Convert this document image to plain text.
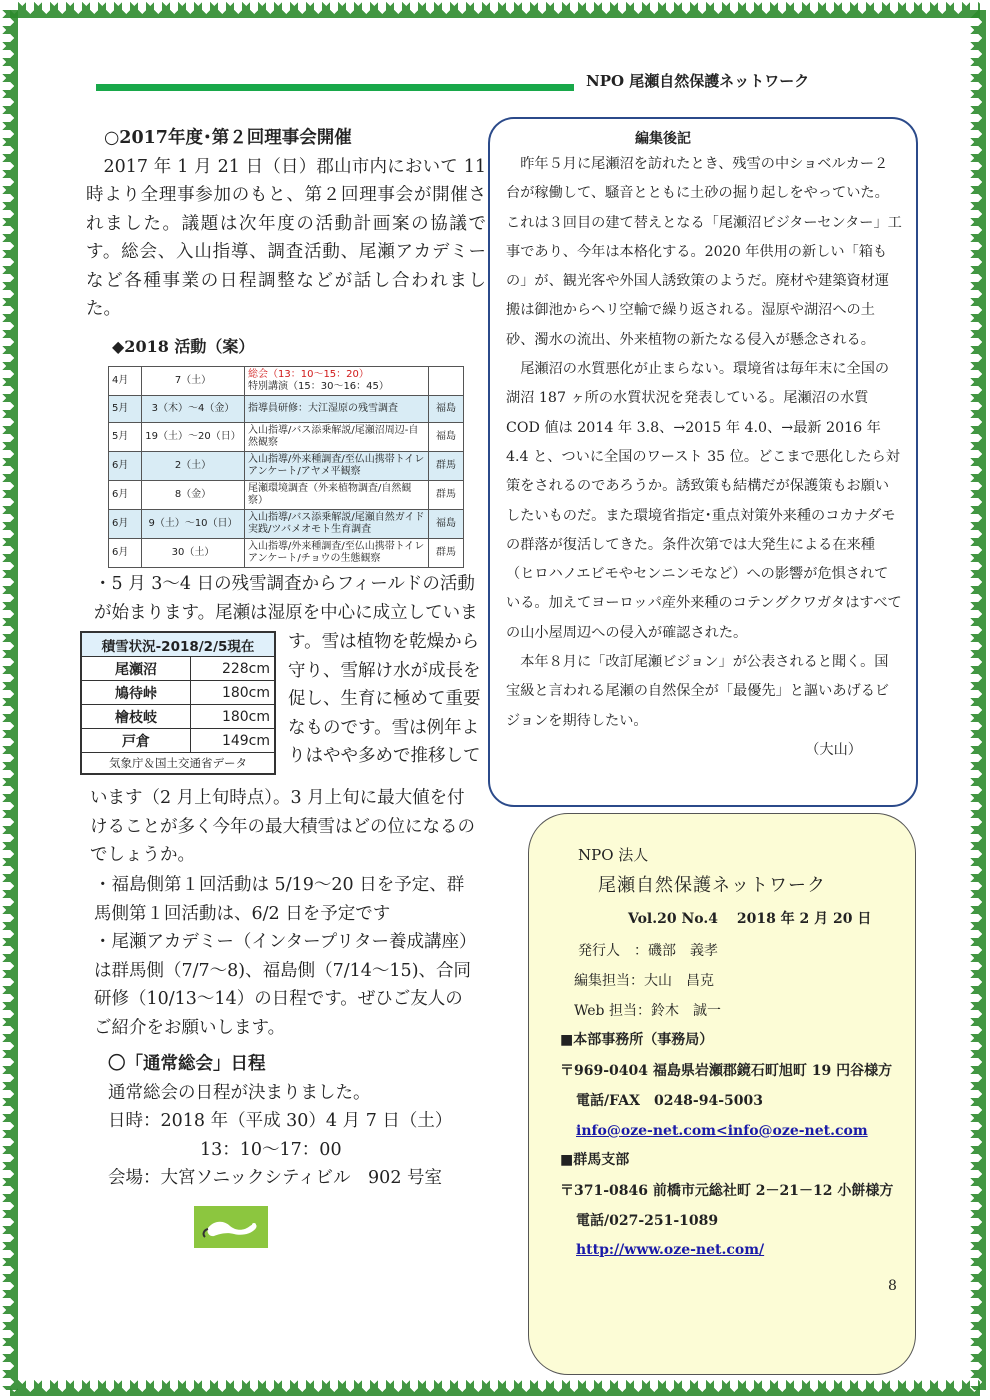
NPO 尾瀬自然保護ネットワーク
○2017年度･第２回理事会開催

2017 年 1 月 21 日（日）郡山市内において 11 時より全理事参加のもと、第２回理事会が開催されました。議題は次年度の活動計画案の協議です。総会、入山指導、調査活動、尾瀬アカデミーなど各種事業の日程調整などが話し合われました。

◆2018 活動（案）
4月	7（土）	総会（13：10～15：20）
特別講演（15：30～16：45）	
5月	3（木）～4（金）	指導員研修：大江湿原の残雪調査	福島
5月	19（土）～20（日）	入山指導/バス添乗解説/尾瀬沼周辺-自然観察	福島
6月	2（土）	入山指導/外来種調査/至仏山携帯トイレアンケート/アヤメ平観察	群馬
6月	8（金）	尾瀬環境調査（外来植物調査/自然観察）	群馬
6月	9（土）～10（日）	入山指導/バス添乗解説/尾瀬自然ガイド実践/ツバメオモト生育調査	福島
6月	30（土）	入山指導/外来種調査/至仏山携帯トイレアンケート/チョウの生態観察	群馬
・5 月 3～4 日の残雪調査からフィールドの活動
が始まります。尾瀬は湿原を中心に成立していま
す。雪は植物を乾燥から
守り、雪解け水が成長を
促し、生育に極めて重要
なものです。雪は例年よ
りはやや多めで推移して
積雪状況-2018/2/5現在	
尾瀬沼	228cm
鳩待峠	180cm
檜枝岐	180cm
戸倉	149cm
気象庁＆国土交通省データ	

います（2 月上旬時点）。3 月上旬に最大値を付けることが多く今年の最大積雪はどの位になるのでしょうか。

・福島側第１回活動は 5/19～20 日を予定、群馬側第１回活動は、6/2 日を予定です

・尾瀬アカデミー（インタープリター養成講座）は群馬側（7/7～8)、福島側（7/14～15)、合同研修（10/13～14）の日程です。ぜひご友人のご紹介をお願いします。

〇「通常総会」日程
通常総会の日程が決まりました。
日時：2018 年（平成 30）4 月 7 日（土）
13：10～17：00
会場：大宮ソニックシティビル　902 号室
編集後記

昨年５月に尾瀬沼を訪れたとき、残雪の中ショベルカー２台が稼働して、騒音とともに土砂の掘り起しをやっていた。これは３回目の建て替えとなる「尾瀬沼ビジターセンター」工事であり、今年は本格化する。2020 年供用の新しい「箱もの」が、観光客や外国人誘致策のようだ。廃材や建築資材運搬は御池からヘリ空輸で繰り返される。湿原や湖沼への土砂、濁水の流出、外来植物の新たなる侵入が懸念される。

尾瀬沼の水質悪化が止まらない。環境省は毎年末に全国の湖沼 187 ヶ所の水質状況を発表している。尾瀬沼の水質 COD 値は 2014 年 3.8、→2015 年 4.0、→最新 2016 年 4.4 と、ついに全国のワースト 35 位。どこまで悪化したら対策をされるのであろうか。誘致策も結構だが保護策もお願いしたいものだ。また環境省指定･重点対策外来種のコカナダモの群落が復活してきた。条件次第では大発生による在来種（ヒロハノエビモやセンニンモなど）への影響が危惧されている。加えてヨーロッパ産外来種のコテングクワガタはすべての山小屋周辺への侵入が確認された。

本年８月に「改訂尾瀬ビジョン」が公表されると聞く。国宝級と言われる尾瀬の自然保全が「最優先」と謳いあげるビジョンを期待したい。

（大山）
NPO 法人
尾瀬自然保護ネットワーク
Vol.20 No.4　 2018 年 2 月 20 日
発行人　：磯部　義孝
編集担当：大山　昌克
Web 担当：鈴木　誠一
■本部事務所（事務局）
〒969-0404 福島県岩瀬郡鏡石町旭町 19 円谷様方
電話/FAX　0248-94-5003
info@oze-net.com<info@oze-net.com
■群馬支部
〒371-0846 前橋市元総社町 2－21－12 小餅様方
電話/027-251-1089
http://www.oze-net.com/
8
